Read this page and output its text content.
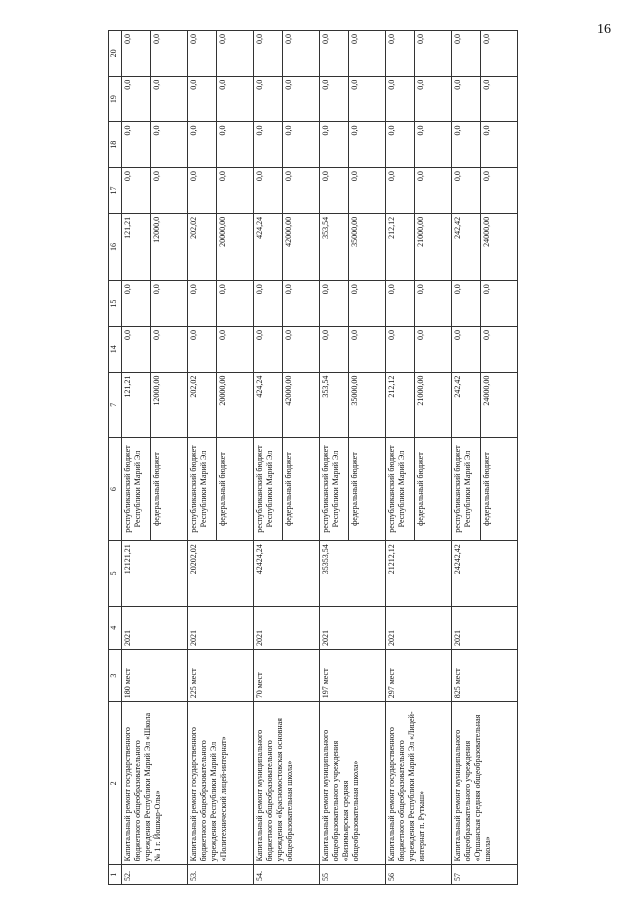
16
1	2	3	4	5	6	7	14	15	16	17	18	19	20
52.	Капитальный ремонт государственного бюджетного общеобразовательного учреждения Республики Марий Эл «Школа № 1 г. Йошкар-Олы»	180 мест	2021	12121,21	республиканский бюджет Республики Марий Эл	121,21	0,0	0,0	121,21	0,0	0,0	0,0	0,0
					федеральный бюджет	12000,00	0,0	0,0	12000,0	0,0	0,0	0,0	0,0
53.	Капитальный ремонт государственного бюджетного общеобразовательного учреждения Республики Марий Эл «Политехнический лицей-интернат»	225 мест	2021	20202,02	республиканский бюджет Республики Марий Эл	202,02	0,0	0,0	202,02	0,0	0,0	0,0	0,0
					федеральный бюджет	20000,00	0,0	0,0	20000,00	0,0	0,0	0,0	0,0
54.	Капитальный ремонт муниципального бюджетного общеобразовательного учреждения «Красномостовская основная общеобразовательная школа»	70 мест	2021	42424,24	республиканский бюджет Республики Марий Эл	424,24	0,0	0,0	424,24	0,0	0,0	0,0	0,0
					федеральный бюджет	42000,00	0,0	0,0	42000,00	0,0	0,0	0,0	0,0
55	Капитальный ремонт муниципального общеобразовательного учреждения «Визимьярская средняя общеобразовательная школа»	197 мест	2021	35353,54	республиканский бюджет Республики Марий Эл	353,54	0,0	0,0	353,54	0,0	0,0	0,0	0,0
					федеральный бюджет	35000,00	0,0	0,0	35000,00	0,0	0,0	0,0	0,0
56	Капитальный ремонт государственного бюджетного общеобразовательного учреждения Республики Марий Эл «Лицей-интернат п. Руткаш»	297 мест	2021	21212,12	республиканский бюджет Республики Марий Эл	212,12	0,0	0,0	212,12	0,0	0,0	0,0	0,0
					федеральный бюджет	21000,00	0,0	0,0	21000,00	0,0	0,0	0,0	0,0
57	Капитальный ремонт муниципального общеобразовательного учреждения «Оршанская средняя общеобразовательная школа»	825 мест	2021	24242,42	республиканский бюджет Республики Марий Эл	242,42	0,0	0,0	242,42	0,0	0,0	0,0	0,0
					федеральный бюджет	24000,00	0,0	0,0	24000,00	0,0	0,0	0,0	0,0
